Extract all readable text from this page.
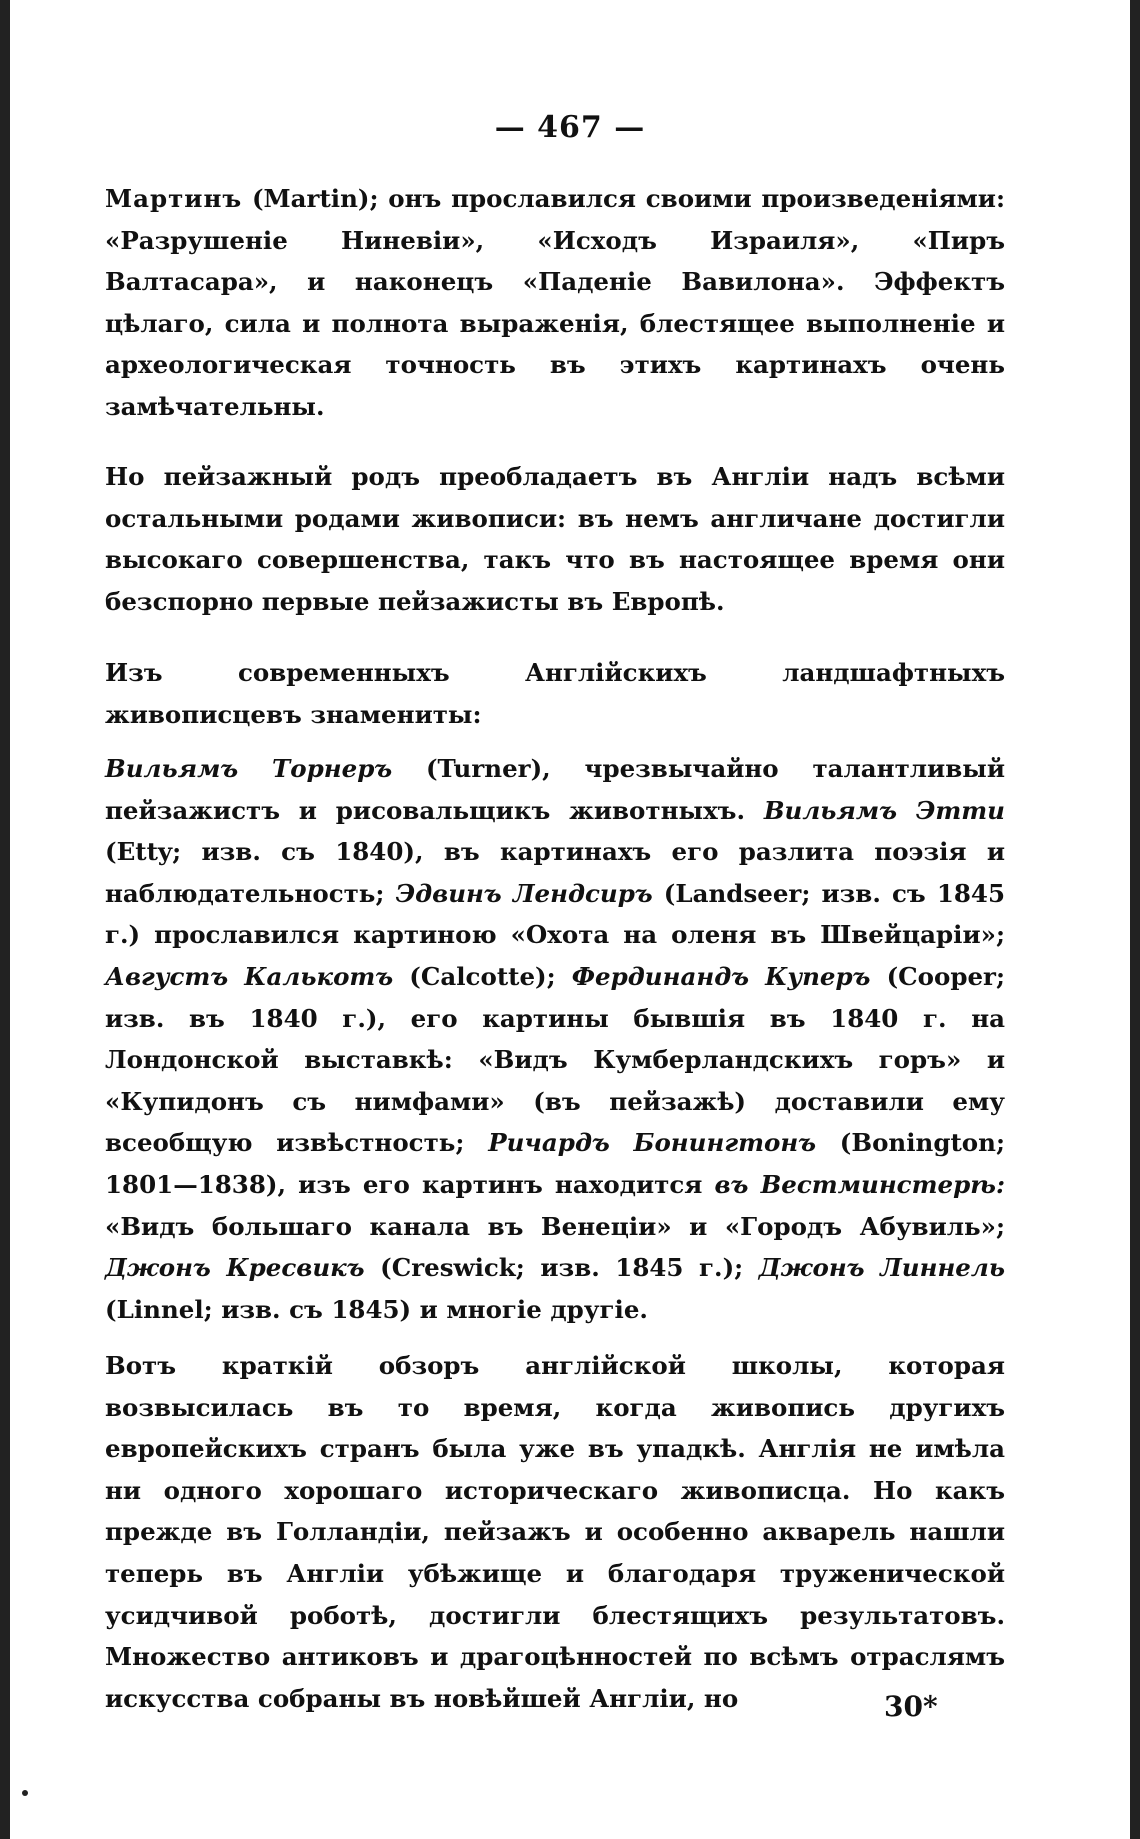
— 467 —

Мартинъ (Martin); онъ прославился своими произведеніями: «Разрушеніе Ниневіи», «Исходъ Израиля», «Пиръ Валтасара», и наконецъ «Паденіе Вавилона». Эффектъ цѣлаго, сила и полнота выраженія, блестящее выполненіе и археологическая точность въ этихъ картинахъ очень замѣчательны.

Но пейзажный родъ преобладаетъ въ Англіи надъ всѣми остальными родами живописи: въ немъ англичане достигли высокаго совершенства, такъ что въ настоящее время они безспорно первые пейзажисты въ Европѣ.

Изъ современныхъ Англійскихъ ландшафтныхъ живописцевъ знамениты:

Вильямъ Торнеръ (Turner), чрезвычайно талантливый пейзажистъ и рисовальщикъ животныхъ. Вильямъ Этти (Etty; изв. съ 1840), въ картинахъ его разлита поэзія и наблюдательность; Эдвинъ Лендсиръ (Landseer; изв. съ 1845 г.) прославился картиною «Охота на оленя въ Швейцаріи»; Августъ Калькотъ (Calcotte); Фердинандъ Куперъ (Cooper; изв. въ 1840 г.), его картины бывшія въ 1840 г. на Лондонской выставкѣ: «Видъ Кумберландскихъ горъ» и «Купидонъ съ нимфами» (въ пейзажѣ) доставили ему всеобщую извѣстность; Ричардъ Бонингтонъ (Bonington; 1801—1838), изъ его картинъ находится въ Вестминстерѣ: «Видъ большаго канала въ Венеціи» и «Городъ Абувиль»; Джонъ Кресвикъ (Creswick; изв. 1845 г.); Джонъ Линнель (Linnel; изв. съ 1845) и многіе другіе.

Вотъ краткій обзоръ англійской школы, которая возвысилась въ то время, когда живопись другихъ европейскихъ странъ была уже въ упадкѣ. Англія не имѣла ни одного хорошаго историческаго живописца. Но какъ прежде въ Голландіи, пейзажъ и особенно акварель нашли теперь въ Англіи убѣжище и благодаря труженической усидчивой роботѣ, достигли блестящихъ результатовъ. Множество антиковъ и драгоцѣнностей по всѣмъ отраслямъ искусства собраны въ новѣйшей Англіи, но	30*
